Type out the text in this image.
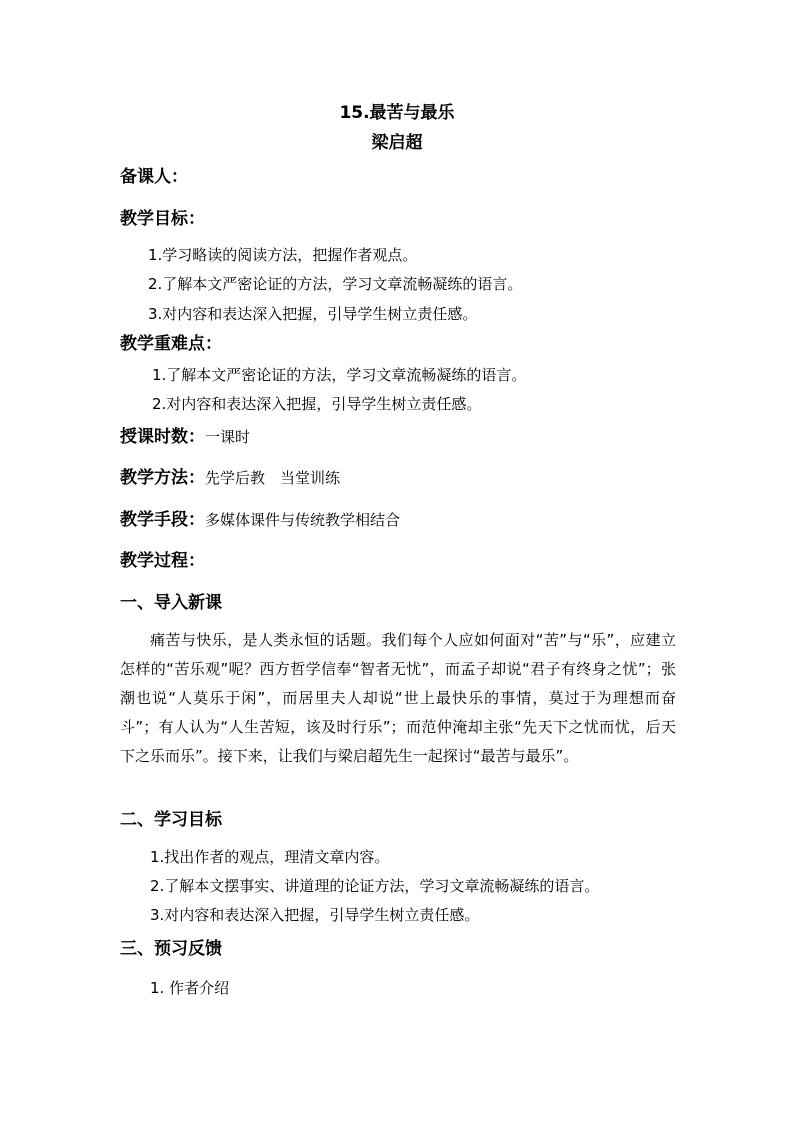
15.最苦与最乐
梁启超
备课人：
教学目标：
1.学习略读的阅读方法，把握作者观点。
2.了解本文严密论证的方法，学习文章流畅凝练的语言。
3.对内容和表达深入把握，引导学生树立责任感。
教学重难点：
1.了解本文严密论证的方法，学习文章流畅凝练的语言。
2.对内容和表达深入把握，引导学生树立责任感。
授课时数：一课时
教学方法：先学后教　当堂训练
教学手段：多媒体课件与传统教学相结合
教学过程：
一、导入新课
痛苦与快乐，是人类永恒的话题。我们每个人应如何面对“苦”与“乐”，应建立怎样的“苦乐观”呢？西方哲学信奉“智者无忧”，而孟子却说“君子有终身之忧”；张潮也说“人莫乐于闲”，而居里夫人却说“世上最快乐的事情，莫过于为理想而奋斗”；有人认为“人生苦短，该及时行乐”；而范仲淹却主张“先天下之忧而忧，后天下之乐而乐”。接下来，让我们与梁启超先生一起探讨“最苦与最乐”。
二、学习目标
1.找出作者的观点，理清文章内容。
2.了解本文摆事实、讲道理的论证方法，学习文章流畅凝练的语言。
3.对内容和表达深入把握，引导学生树立责任感。
三、预习反馈
1. 作者介绍
